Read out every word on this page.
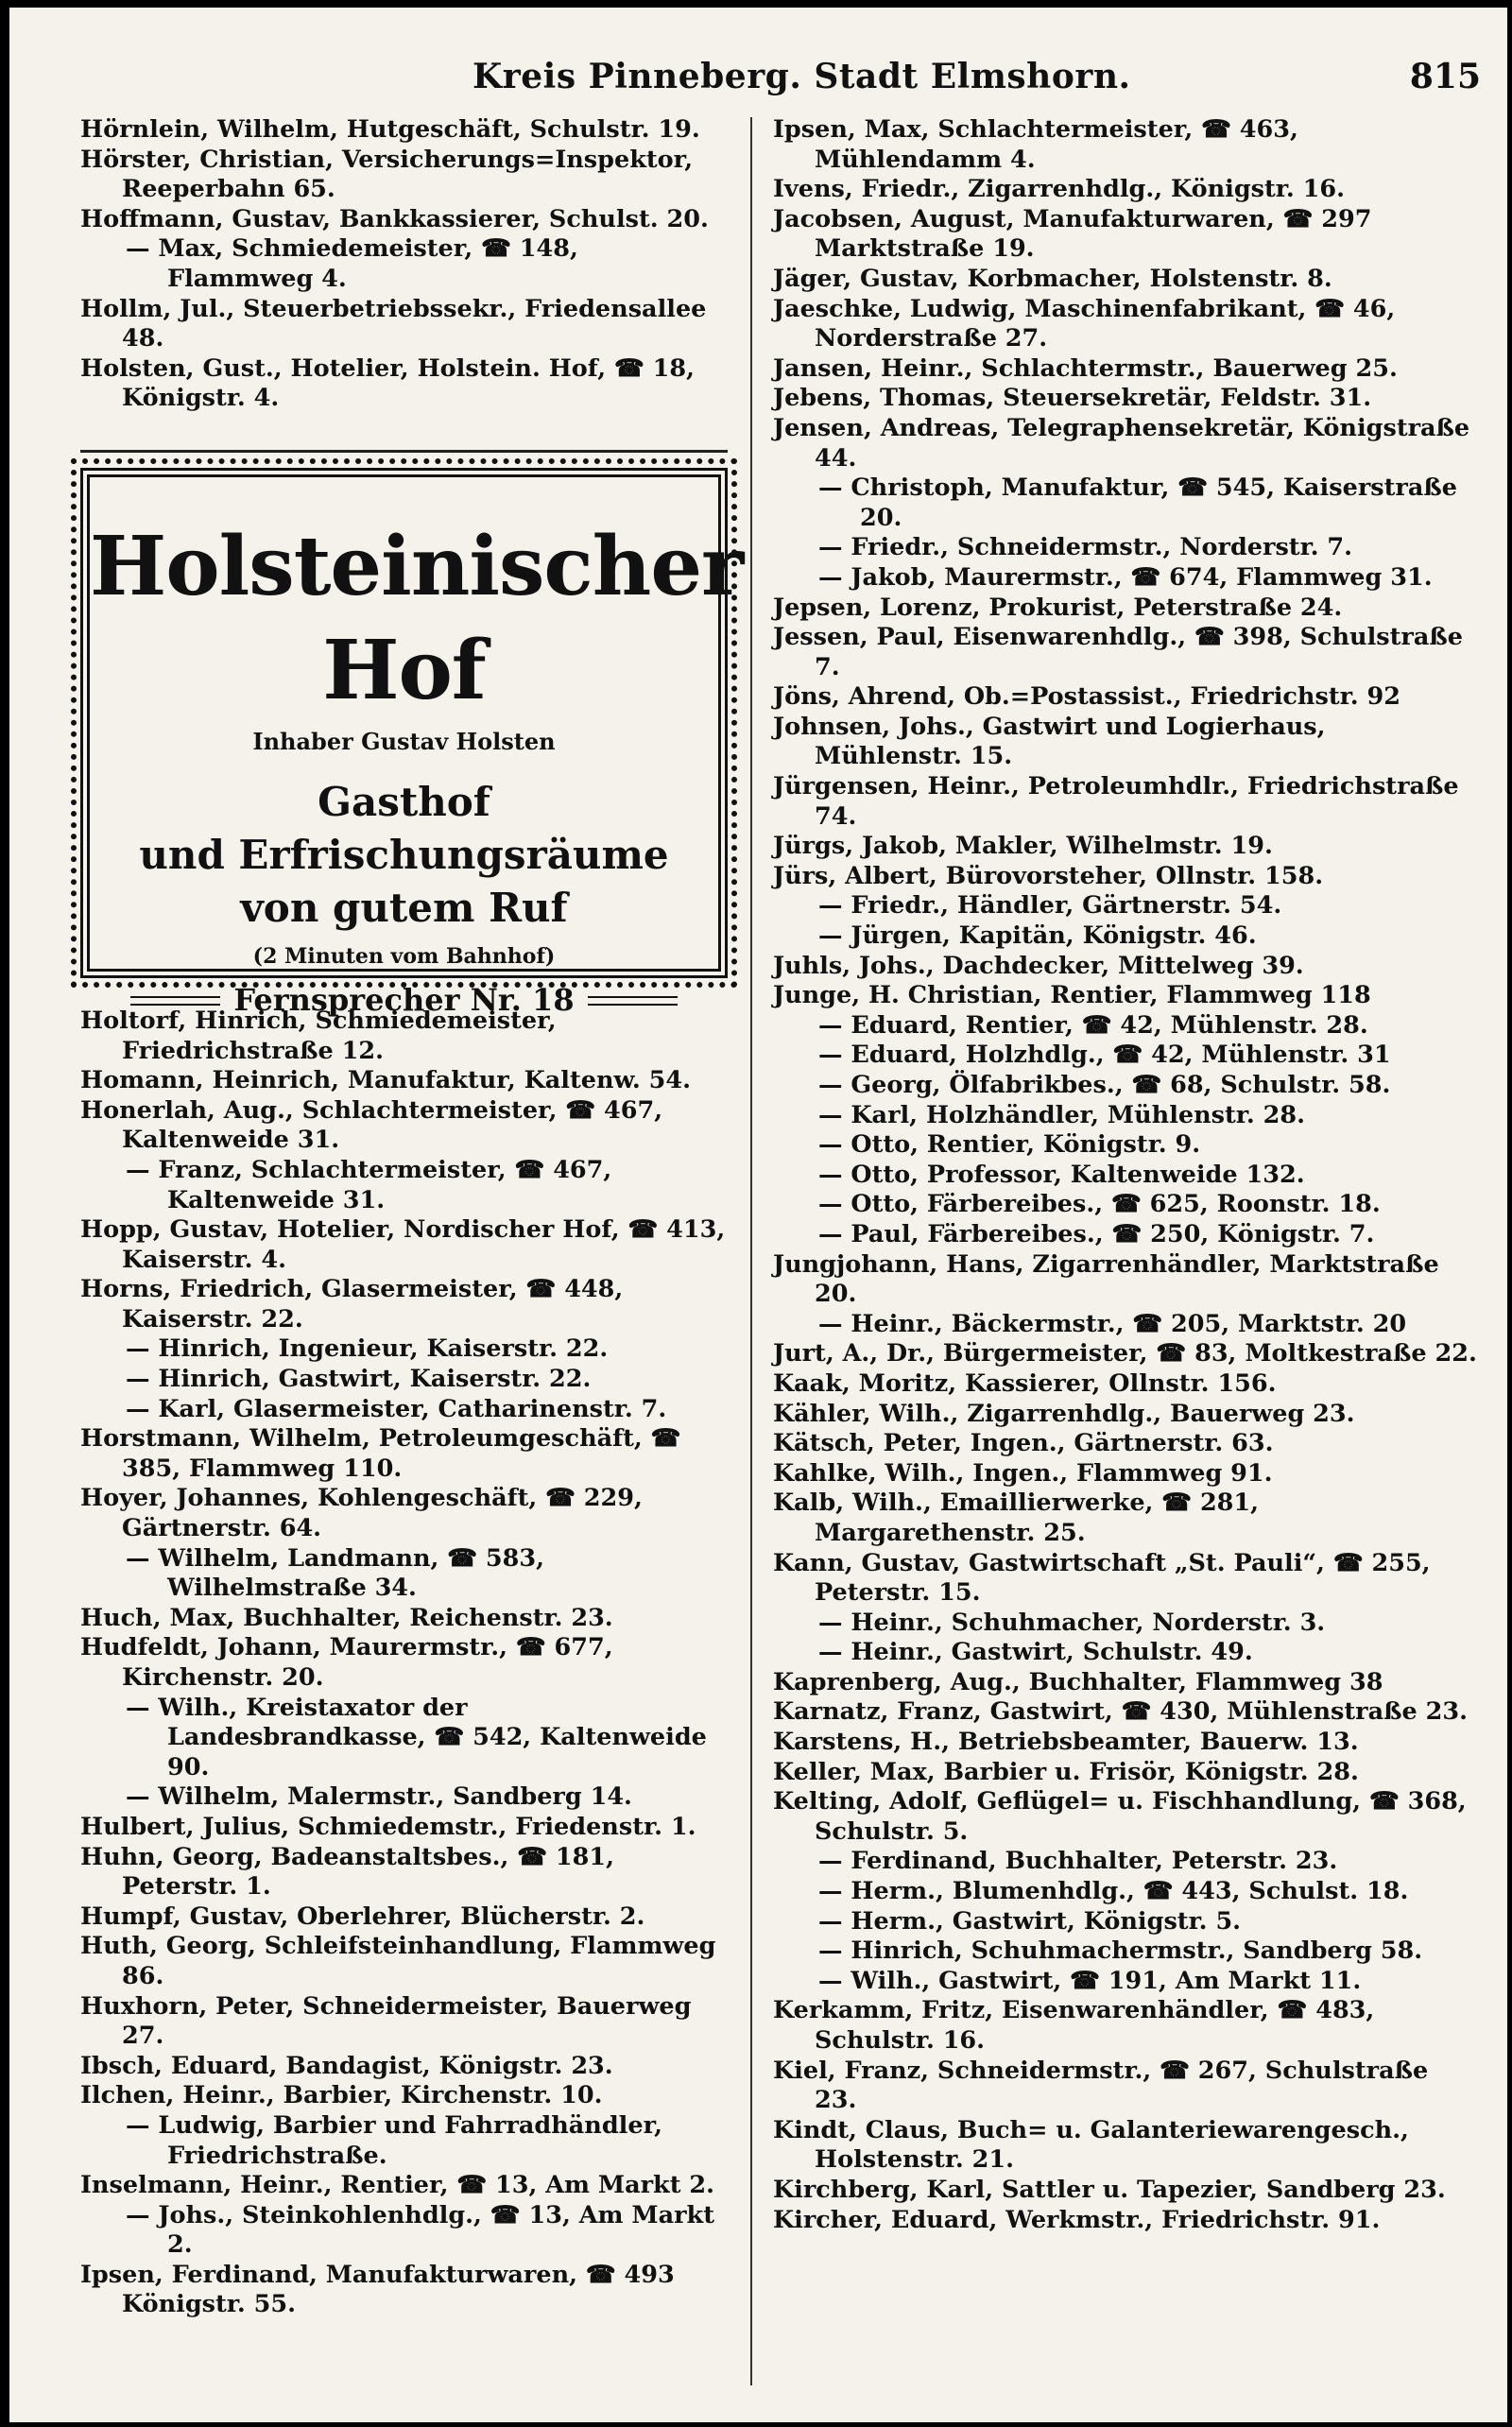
Kreis Pinneberg. Stadt Elmshorn.	815
Hörnlein, Wilhelm, Hutgeschäft, Schulstr. 19.
Hörster, Christian, Versicherungs=Inspektor, Reeperbahn 65.
Hoffmann, Gustav, Bankkassierer, Schulst. 20.
— Max, Schmiedemeister, ☎ 148, Flammweg 4.
Hollm, Jul., Steuerbetriebssekr., Friedensallee 48.
Holsten, Gust., Hotelier, Holstein. Hof, ☎ 18, Königstr. 4.
Holsteinischer Hof
Inhaber Gustav Holsten
Gasthof
und Erfrischungsräume
von gutem Ruf
(2 Minuten vom Bahnhof)
Fernsprecher Nr. 18
Holtorf, Hinrich, Schmiedemeister, Friedrichstraße 12.
Homann, Heinrich, Manufaktur, Kaltenw. 54.
Honerlah, Aug., Schlachtermeister, ☎ 467, Kaltenweide 31.
— Franz, Schlachtermeister, ☎ 467, Kaltenweide 31.
Hopp, Gustav, Hotelier, Nordischer Hof, ☎ 413, Kaiserstr. 4.
Horns, Friedrich, Glasermeister, ☎ 448, Kaiserstr. 22.
— Hinrich, Ingenieur, Kaiserstr. 22.
— Hinrich, Gastwirt, Kaiserstr. 22.
— Karl, Glasermeister, Catharinenstr. 7.
Horstmann, Wilhelm, Petroleumgeschäft, ☎ 385, Flammweg 110.
Hoyer, Johannes, Kohlengeschäft, ☎ 229, Gärtnerstr. 64.
— Wilhelm, Landmann, ☎ 583, Wilhelmstraße 34.
Huch, Max, Buchhalter, Reichenstr. 23.
Hudfeldt, Johann, Maurermstr., ☎ 677, Kirchenstr. 20.
— Wilh., Kreistaxator der Landesbrandkasse, ☎ 542, Kaltenweide 90.
— Wilhelm, Malermstr., Sandberg 14.
Hulbert, Julius, Schmiedemstr., Friedenstr. 1.
Huhn, Georg, Badeanstaltsbes., ☎ 181, Peterstr. 1.
Humpf, Gustav, Oberlehrer, Blücherstr. 2.
Huth, Georg, Schleifsteinhandlung, Flammweg 86.
Huxhorn, Peter, Schneidermeister, Bauerweg 27.
Ibsch, Eduard, Bandagist, Königstr. 23.
Ilchen, Heinr., Barbier, Kirchenstr. 10.
— Ludwig, Barbier und Fahrradhändler, Friedrichstraße.
Inselmann, Heinr., Rentier, ☎ 13, Am Markt 2.
— Johs., Steinkohlenhdlg., ☎ 13, Am Markt 2.
Ipsen, Ferdinand, Manufakturwaren, ☎ 493 Königstr. 55.
Ipsen, Max, Schlachtermeister, ☎ 463, Mühlendamm 4.
Ivens, Friedr., Zigarrenhdlg., Königstr. 16.
Jacobsen, August, Manufakturwaren, ☎ 297 Marktstraße 19.
Jäger, Gustav, Korbmacher, Holstenstr. 8.
Jaeschke, Ludwig, Maschinenfabrikant, ☎ 46, Norderstraße 27.
Jansen, Heinr., Schlachtermstr., Bauerweg 25.
Jebens, Thomas, Steuersekretär, Feldstr. 31.
Jensen, Andreas, Telegraphensekretär, Königstraße 44.
— Christoph, Manufaktur, ☎ 545, Kaiserstraße 20.
— Friedr., Schneidermstr., Norderstr. 7.
— Jakob, Maurermstr., ☎ 674, Flammweg 31.
Jepsen, Lorenz, Prokurist, Peterstraße 24.
Jessen, Paul, Eisenwarenhdlg., ☎ 398, Schulstraße 7.
Jöns, Ahrend, Ob.=Postassist., Friedrichstr. 92
Johnsen, Johs., Gastwirt und Logierhaus, Mühlenstr. 15.
Jürgensen, Heinr., Petroleumhdlr., Friedrichstraße 74.
Jürgs, Jakob, Makler, Wilhelmstr. 19.
Jürs, Albert, Bürovorsteher, Ollnstr. 158.
— Friedr., Händler, Gärtnerstr. 54.
— Jürgen, Kapitän, Königstr. 46.
Juhls, Johs., Dachdecker, Mittelweg 39.
Junge, H. Christian, Rentier, Flammweg 118
— Eduard, Rentier, ☎ 42, Mühlenstr. 28.
— Eduard, Holzhdlg., ☎ 42, Mühlenstr. 31
— Georg, Ölfabrikbes., ☎ 68, Schulstr. 58.
— Karl, Holzhändler, Mühlenstr. 28.
— Otto, Rentier, Königstr. 9.
— Otto, Professor, Kaltenweide 132.
— Otto, Färbereibes., ☎ 625, Roonstr. 18.
— Paul, Färbereibes., ☎ 250, Königstr. 7.
Jungjohann, Hans, Zigarrenhändler, Marktstraße 20.
— Heinr., Bäckermstr., ☎ 205, Marktstr. 20
Jurt, A., Dr., Bürgermeister, ☎ 83, Moltkestraße 22.
Kaak, Moritz, Kassierer, Ollnstr. 156.
Kähler, Wilh., Zigarrenhdlg., Bauerweg 23.
Kätsch, Peter, Ingen., Gärtnerstr. 63.
Kahlke, Wilh., Ingen., Flammweg 91.
Kalb, Wilh., Emaillierwerke, ☎ 281, Margarethenstr. 25.
Kann, Gustav, Gastwirtschaft „St. Pauli“, ☎ 255, Peterstr. 15.
— Heinr., Schuhmacher, Norderstr. 3.
— Heinr., Gastwirt, Schulstr. 49.
Kaprenberg, Aug., Buchhalter, Flammweg 38
Karnatz, Franz, Gastwirt, ☎ 430, Mühlenstraße 23.
Karstens, H., Betriebsbeamter, Bauerw. 13.
Keller, Max, Barbier u. Frisör, Königstr. 28.
Kelting, Adolf, Geflügel= u. Fischhandlung, ☎ 368, Schulstr. 5.
— Ferdinand, Buchhalter, Peterstr. 23.
— Herm., Blumenhdlg., ☎ 443, Schulst. 18.
— Herm., Gastwirt, Königstr. 5.
— Hinrich, Schuhmachermstr., Sandberg 58.
— Wilh., Gastwirt, ☎ 191, Am Markt 11.
Kerkamm, Fritz, Eisenwarenhändler, ☎ 483, Schulstr. 16.
Kiel, Franz, Schneidermstr., ☎ 267, Schulstraße 23.
Kindt, Claus, Buch= u. Galanteriewarengesch., Holstenstr. 21.
Kirchberg, Karl, Sattler u. Tapezier, Sandberg 23.
Kircher, Eduard, Werkmstr., Friedrichstr. 91.
